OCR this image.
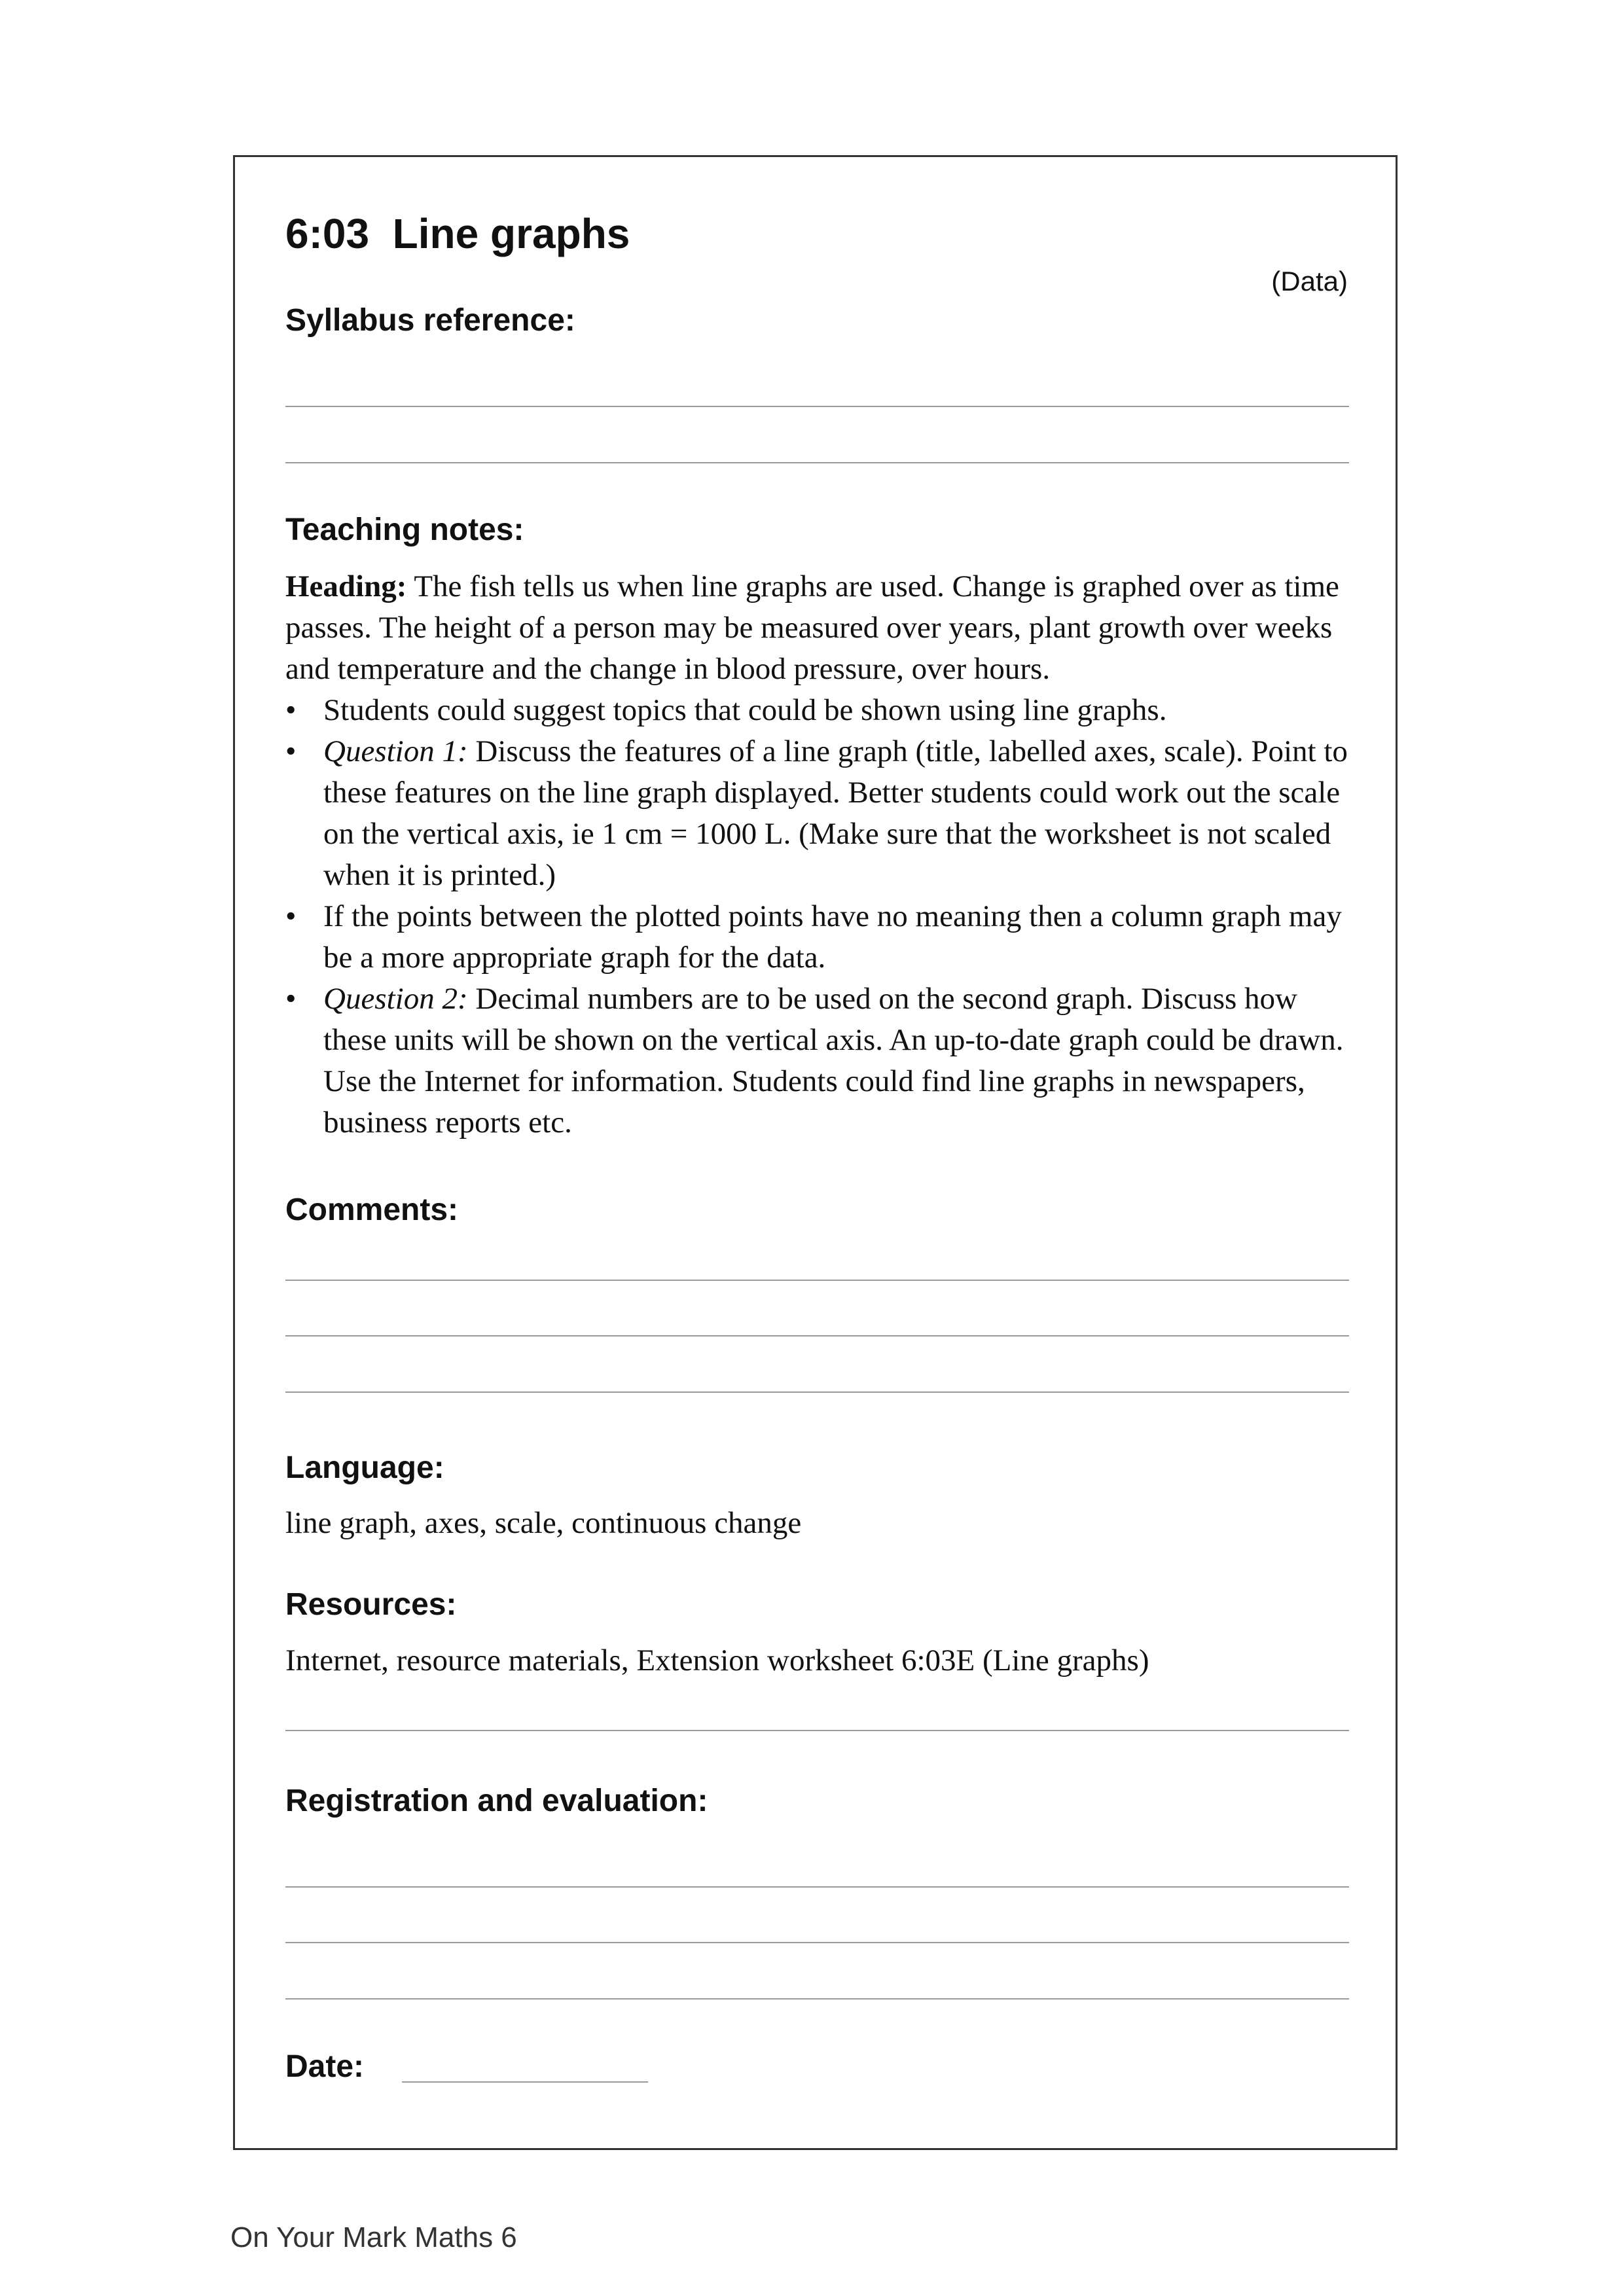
6:03  Line graphs
(Data)
Syllabus reference:
Teaching notes:

Heading: The fish tells us when line graphs are used. Change is graphed over as time passes. The height of a person may be measured over years, plant growth over weeks and temperature and the change in blood pressure, over hours.

• Students could suggest topics that could be shown using line graphs.
• Question 1: Discuss the features of a line graph (title, labelled axes, scale). Point to these features on the line graph displayed. Better students could work out the scale on the vertical axis, ie 1 cm = 1000 L. (Make sure that the worksheet is not scaled when it is printed.)
• If the points between the plotted points have no meaning then a column graph may be a more appropriate graph for the data.
• Question 2: Decimal numbers are to be used on the second graph. Discuss how these units will be shown on the vertical axis. An up-to-date graph could be drawn. Use the Internet for information. Students could find line graphs in newspapers, business reports etc.
Comments:
Language:

line graph, axes, scale, continuous change

Resources:

Internet, resource materials, Extension worksheet 6:03E (Line graphs)

Registration and evaluation:
Date:
On Your Mark Maths 6
